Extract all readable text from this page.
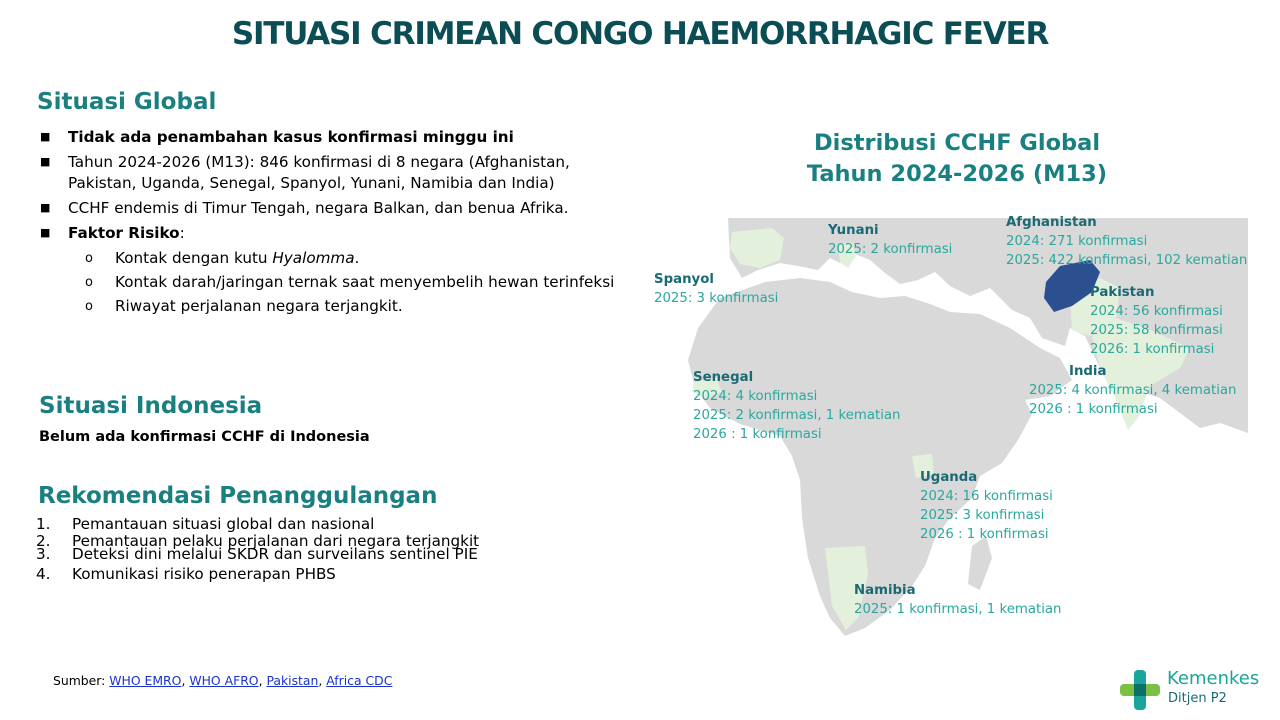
SITUASI CRIMEAN CONGO HAEMORRHAGIC FEVER
Situasi Global
■ Tidak ada penambahan kasus konfirmasi minggu ini
■ Tahun 2024-2026 (M13): 846 konfirmasi di 8 negara (Afghanistan, Pakistan, Uganda, Senegal, Spanyol, Yunani, Namibia dan India)
■ CCHF endemis di Timur Tengah, negara Balkan, dan benua Afrika.
■ Faktor Risiko:
o Kontak dengan kutu Hyalomma.
o Kontak darah/jaringan ternak saat menyembelih hewan terinfeksi
o Riwayat perjalanan negara terjangkit.
Situasi Indonesia
Belum ada konfirmasi CCHF di Indonesia
Rekomendasi Penanggulangan
1. Pemantauan situasi global dan nasional
2. Pemantauan pelaku perjalanan dari negara terjangkit
3. Deteksi dini melalui SKDR dan surveilans sentinel PIE
4. Komunikasi risiko penerapan PHBS
Sumber: WHO EMRO, WHO AFRO, Pakistan, Africa CDC
Distribusi CCHF Global
Tahun 2024-2026 (M13)
Yunani
2025: 2 konfirmasi
Afghanistan
2024: 271 konfirmasi
2025: 422 konfirmasi, 102 kematian
Spanyol
2025: 3 konfirmasi	Pakistan
2024: 56 konfirmasi
2025: 58 konfirmasi
2026: 1 konfirmasi
India
2025: 4 konfirmasi, 4 kematian
2026 : 1 konfirmasi
Senegal
2024: 4 konfirmasi
2025: 2 konfirmasi, 1 kematian
2026 : 1 konfirmasi
Uganda
2024: 16 konfirmasi
2025: 3 konfirmasi
2026 : 1 konfirmasi
Namibia
2025: 1 konfirmasi, 1 kematian
Kemenkes
Ditjen P2
